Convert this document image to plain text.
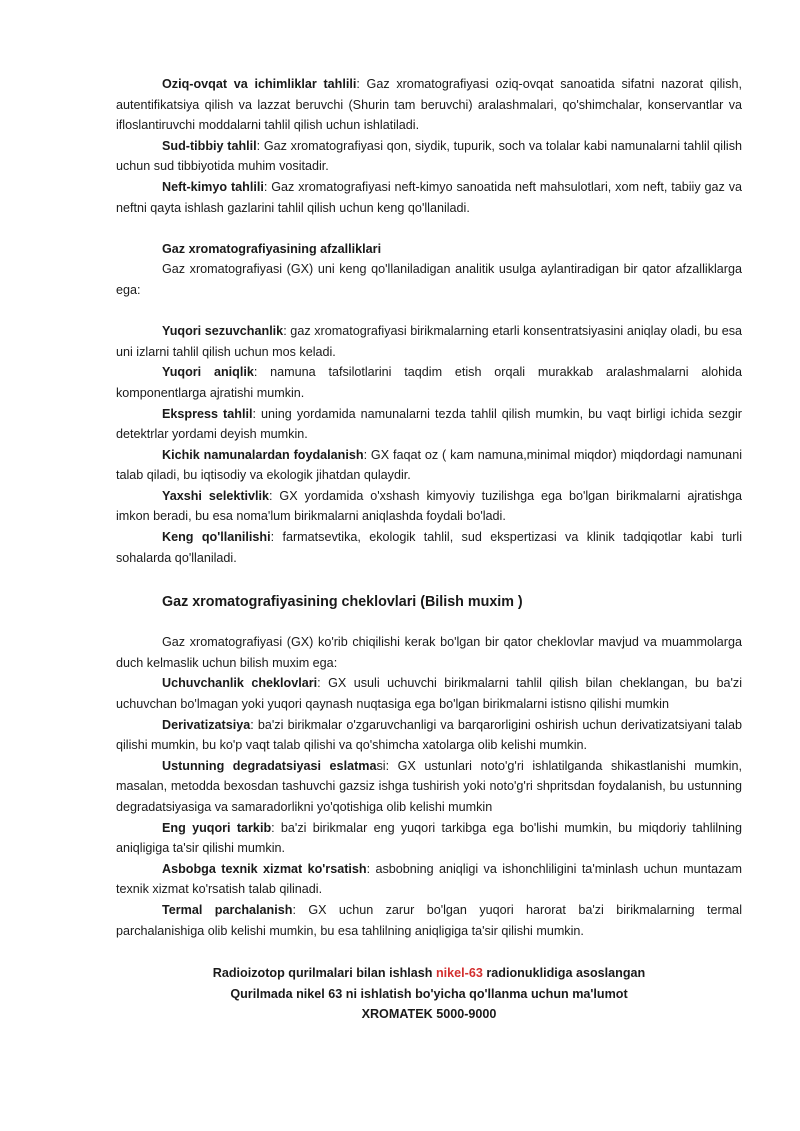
Oziq-ovqat va ichimliklar tahlili: Gaz xromatografiyasi oziq-ovqat sanoatida sifatni nazorat qilish, autentifikatsiya qilish va lazzat beruvchi (Shurin tam beruvchi) aralashmalari, qo'shimchalar, konservantlar va ifloslantiruvchi moddalarni tahlil qilish uchun ishlatiladi.

Sud-tibbiy tahlil: Gaz xromatografiyasi qon, siydik, tupurik, soch va tolalar kabi namunalarni tahlil qilish uchun sud tibbiyotida muhim vositadir.

Neft-kimyo tahlili: Gaz xromatografiyasi neft-kimyo sanoatida neft mahsulotlari, xom neft, tabiiy gaz va neftni qayta ishlash gazlarini tahlil qilish uchun keng qo'llaniladi.

Gaz xromatografiyasining afzalliklari

Gaz xromatografiyasi (GX) uni keng qo'llaniladigan analitik usulga aylantiradigan bir qator afzalliklarga ega:

Yuqori sezuvchanlik: gaz xromatografiyasi birikmalarning etarli konsentratsiyasini aniqlay oladi, bu esa uni izlarni tahlil qilish uchun mos keladi.

Yuqori aniqlik: namuna tafsilotlarini taqdim etish orqali murakkab aralashmalarni alohida komponentlarga ajratishi mumkin.

Ekspress tahlil: uning yordamida namunalarni tezda tahlil qilish mumkin, bu vaqt birligi ichida sezgir detektrlar yordami deyish mumkin.

Kichik namunalardan foydalanish: GX faqat oz ( kam namuna,minimal miqdor) miqdordagi namunani talab qiladi, bu iqtisodiy va ekologik jihatdan qulaydir.

Yaxshi selektivlik: GX yordamida o'xshash kimyoviy tuzilishga ega bo'lgan birikmalarni ajratishga imkon beradi, bu esa noma'lum birikmalarni aniqlashda foydali bo'ladi.

Keng qo'llanilishi: farmatsevtika, ekologik tahlil, sud ekspertizasi va klinik tadqiqotlar kabi turli sohalarda qo'llaniladi.

Gaz xromatografiyasining cheklovlari (Bilish muxim )

Gaz xromatografiyasi (GX) ko'rib chiqilishi kerak bo'lgan bir qator cheklovlar mavjud va muammolarga duch kelmaslik uchun bilish muxim ega:

Uchuvchanlik cheklovlari: GX usuli uchuvchi birikmalarni tahlil qilish bilan cheklangan, bu ba'zi uchuvchan bo'lmagan yoki yuqori qaynash nuqtasiga ega bo'lgan birikmalarni istisno qilishi mumkin

Derivatizatsiya: ba'zi birikmalar o'zgaruvchanligi va barqarorligini oshirish uchun derivatizatsiyani talab qilishi mumkin, bu ko'p vaqt talab qilishi va qo'shimcha xatolarga olib kelishi mumkin.

Ustunning degradatsiyasi eslatmasi: GX ustunlari noto'g'ri ishlatilganda shikastlanishi mumkin, masalan, metodda bexosdan tashuvchi gazsiz ishga tushirish yoki noto'g'ri shpritsdan foydalanish, bu ustunning degradatsiyasiga va samaradorlikni yo'qotishiga olib kelishi mumkin

Eng yuqori tarkib: ba'zi birikmalar eng yuqori tarkibga ega bo'lishi mumkin, bu miqdoriy tahlilning aniqligiga ta'sir qilishi mumkin.

Asbobga texnik xizmat ko'rsatish: asbobning aniqligi va ishonchliligini ta'minlash uchun muntazam texnik xizmat ko'rsatish talab qilinadi.

Termal parchalanish: GX uchun zarur bo'lgan yuqori harorat ba'zi birikmalarning termal parchalanishiga olib kelishi mumkin, bu esa tahlilning aniqligiga ta'sir qilishi mumkin.

Radioizotop qurilmalari bilan ishlash nikel-63 radionuklidiga asoslangan
Qurilmada nikel 63 ni ishlatish bo'yicha qo'llanma uchun ma'lumot
XROMATEK 5000-9000
